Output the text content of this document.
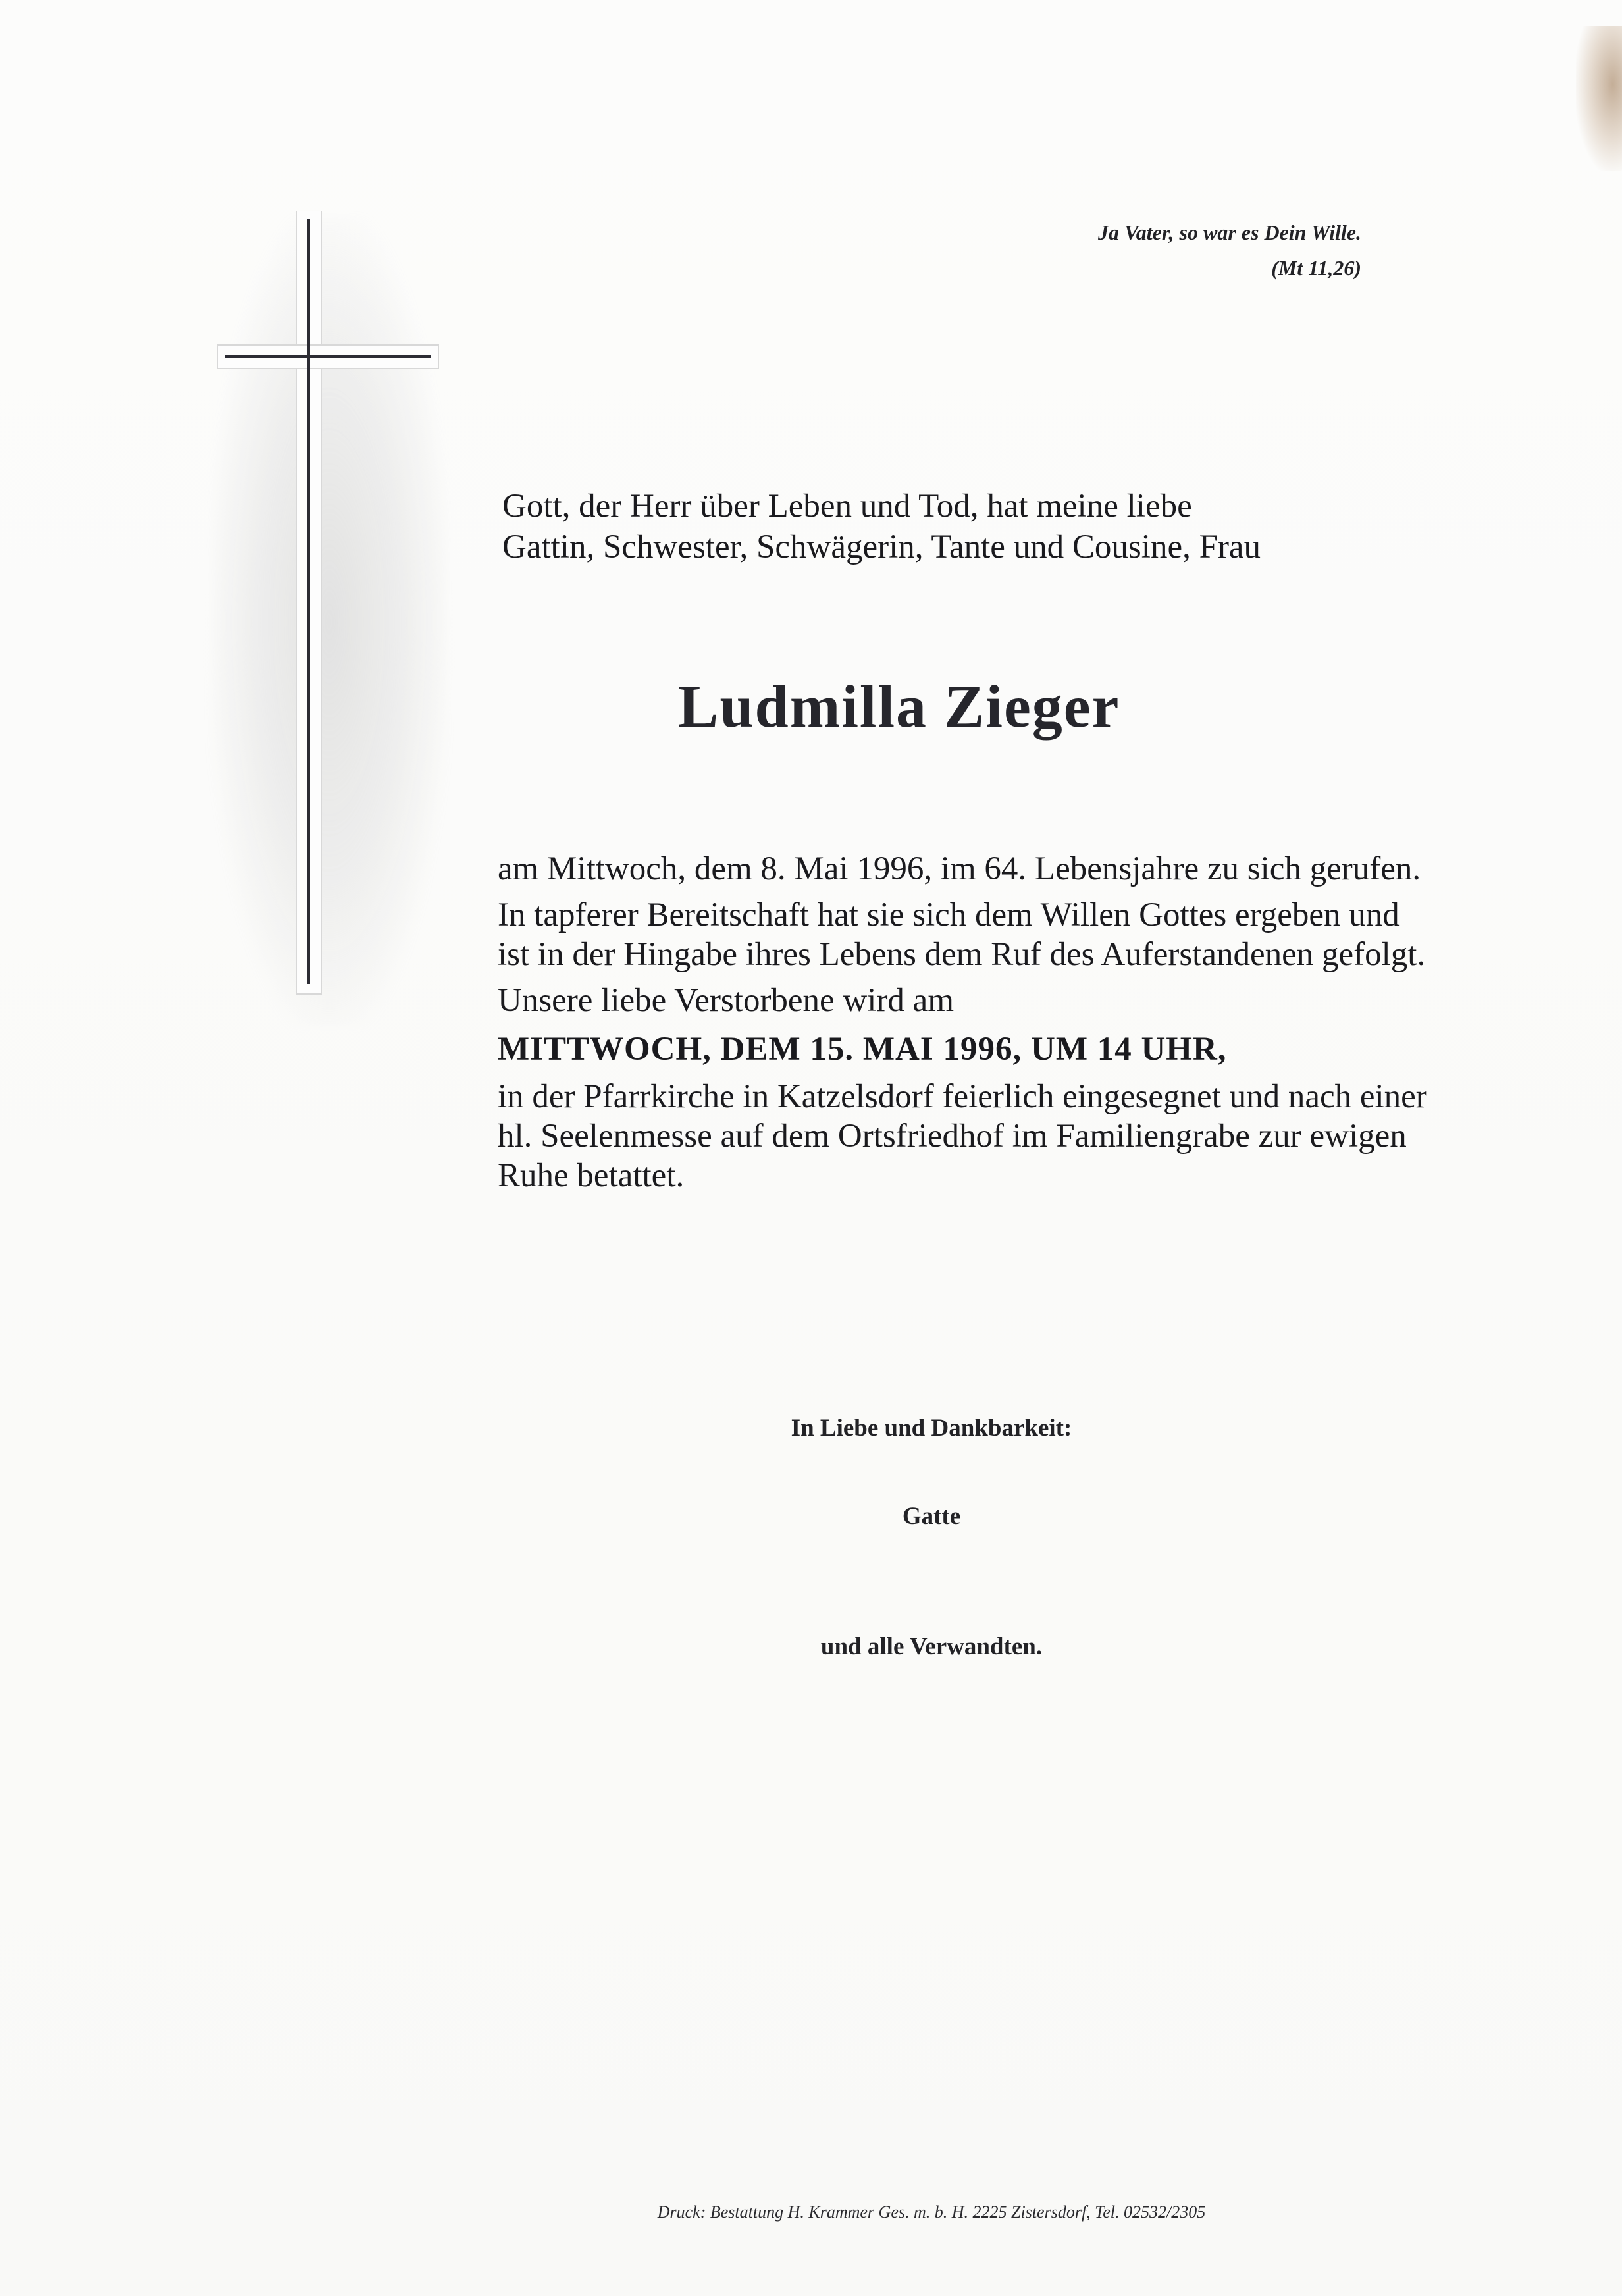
Ja Vater, so war es Dein Wille.
(Mt 11,26)
Gott, der Herr über Leben und Tod, hat meine liebe
Gattin, Schwester, Schwägerin, Tante und Cousine, Frau
Ludmilla Zieger

am Mittwoch, dem 8. Mai 1996, im 64. Lebensjahre zu sich gerufen.

In tapferer Bereitschaft hat sie sich dem Willen Gottes ergeben und ist in der Hingabe ihres Lebens dem Ruf des Auferstandenen gefolgt.

Unsere liebe Verstorbene wird am

MITTWOCH, DEM 15. MAI 1996, UM 14 UHR,

in der Pfarrkirche in Katzelsdorf feierlich eingesegnet und nach einer hl. Seelenmesse auf dem Ortsfriedhof im Familiengrabe zur ewigen Ruhe betattet.

In Liebe und Dankbarkeit:
Gatte
und alle Verwandten.
Druck: Bestattung H. Krammer Ges. m. b. H. 2225 Zistersdorf, Tel. 02532/2305
